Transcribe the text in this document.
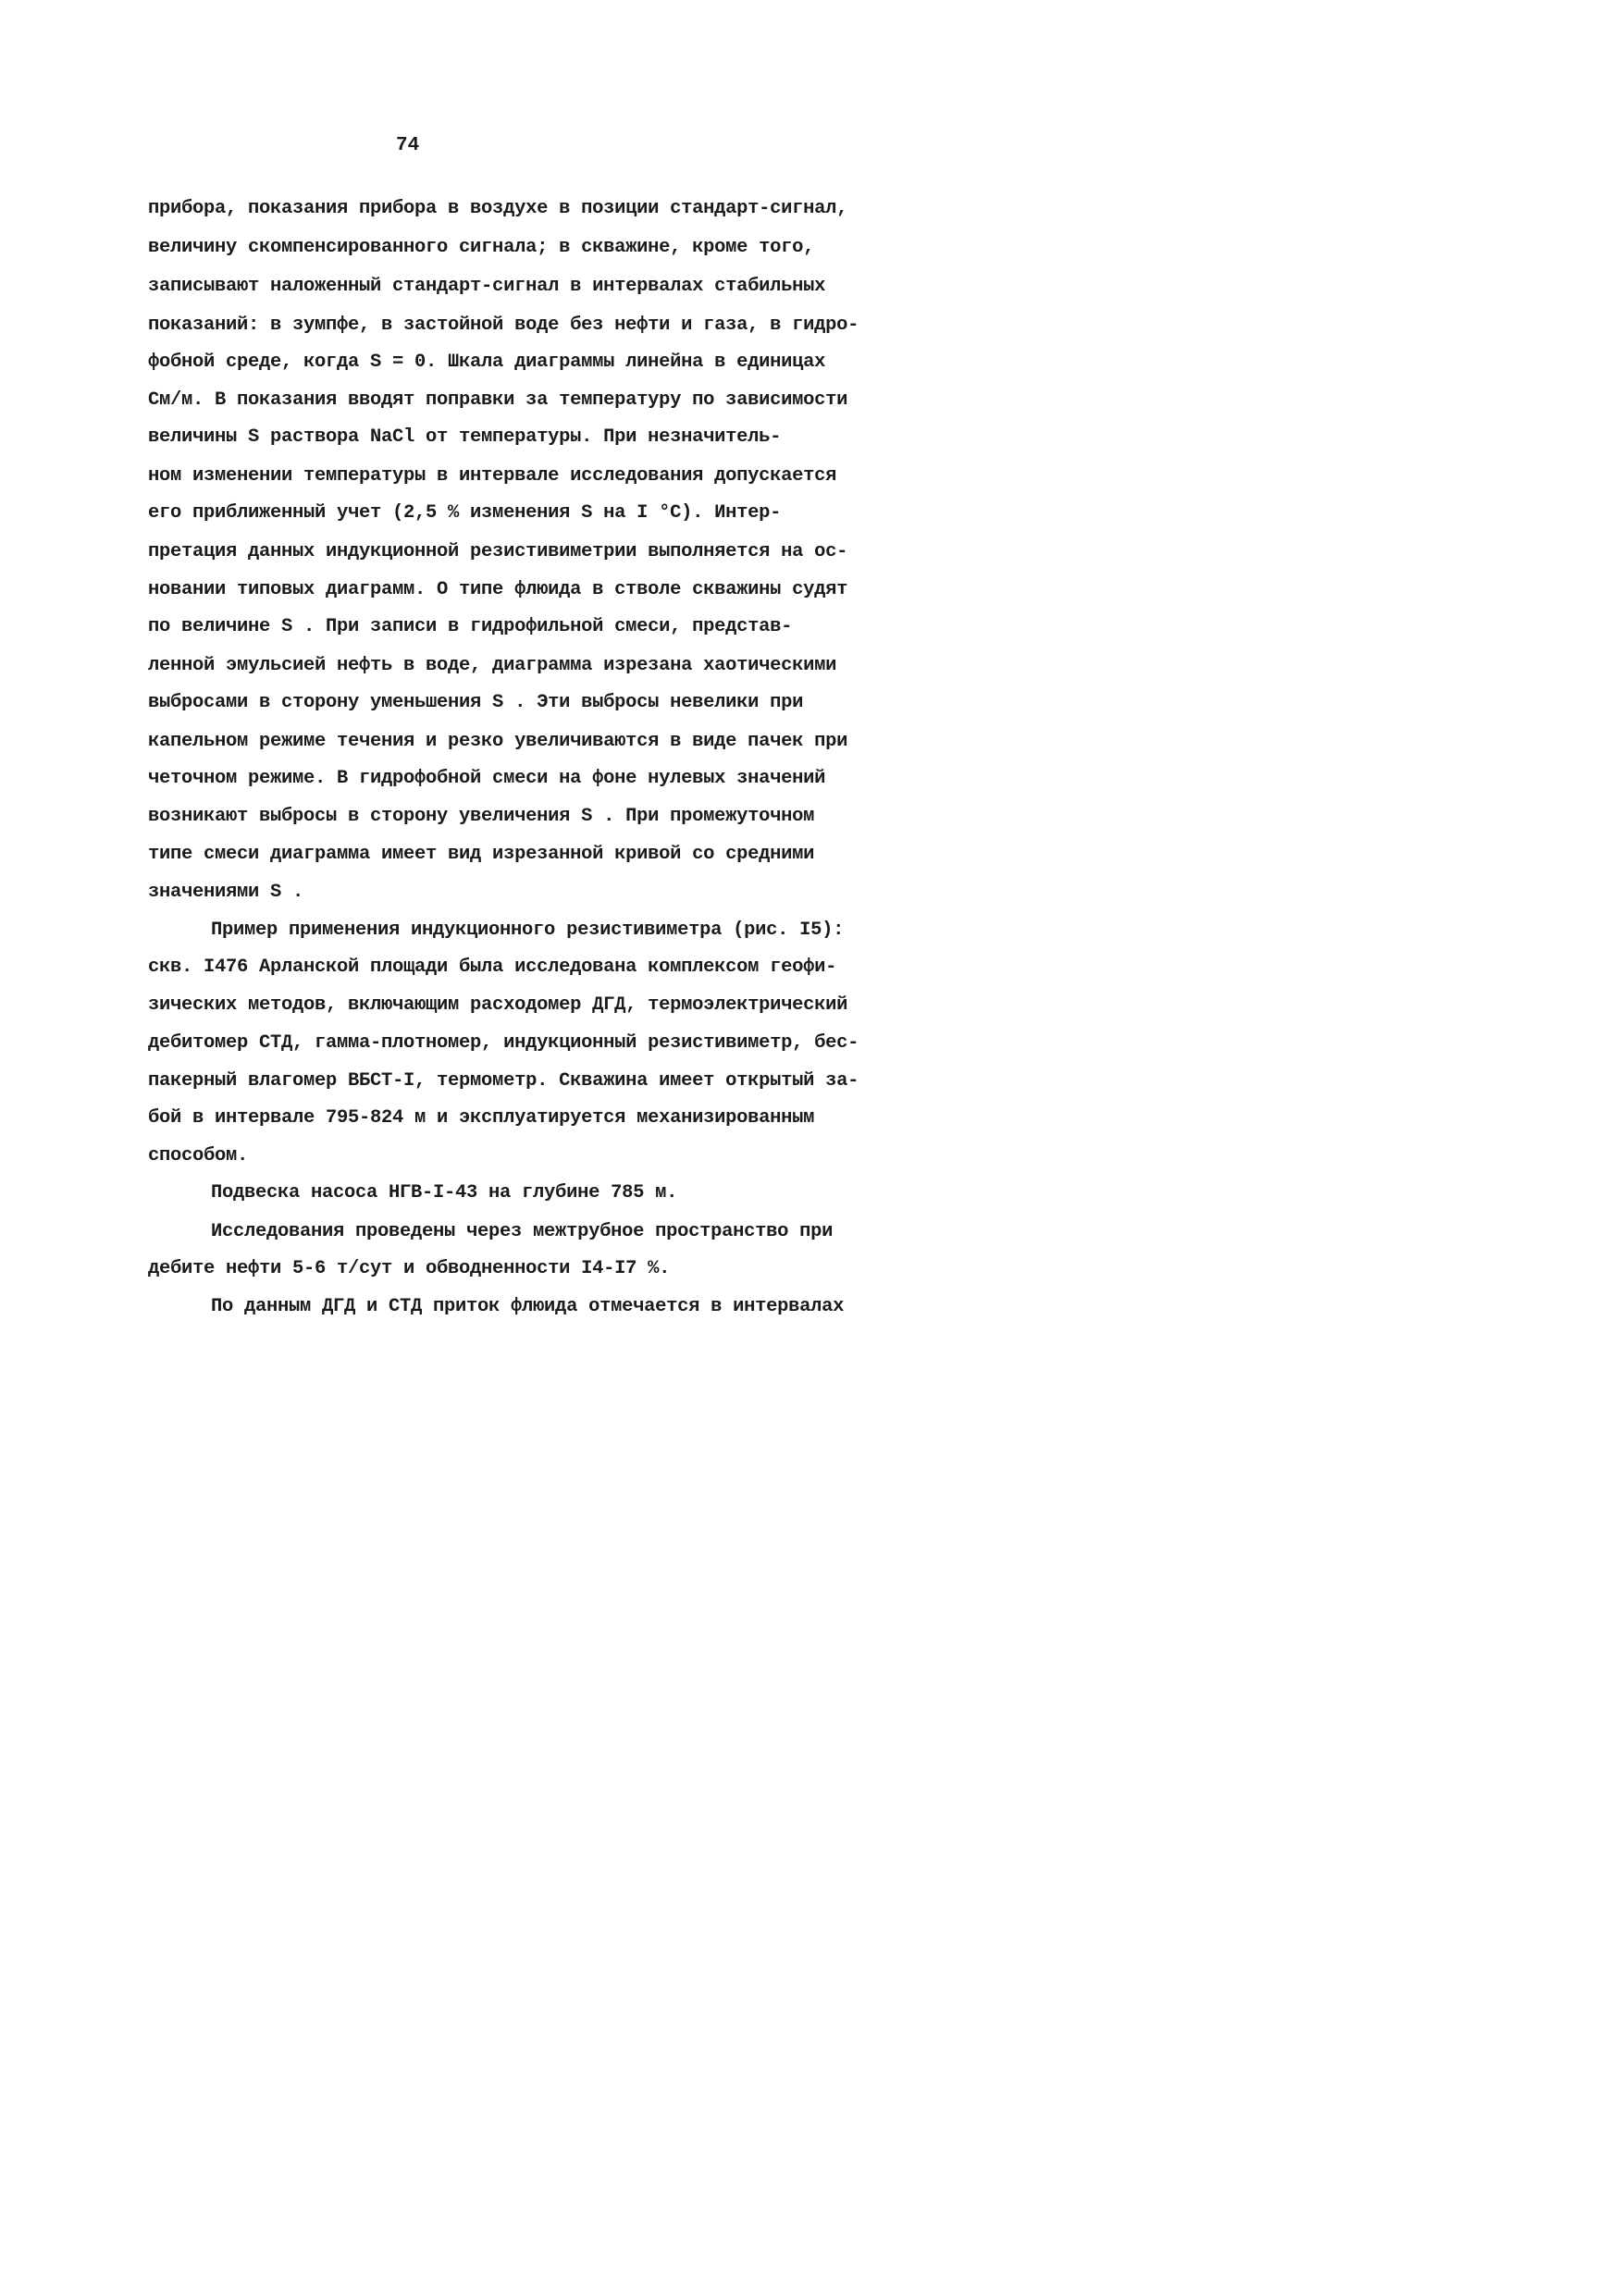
74
прибора, показания прибора в воздухе в позиции стандарт-сигнал,
величину скомпенсированного сигнала; в скважине, кроме того,
записывают наложенный стандарт-сигнал в интервалах стабильных
показаний: в зумпфе, в застойной воде без нефти и газа, в гидро-
фобной среде, когда S = 0. Шкала диаграммы линейна в единицах
См/м. В показания вводят поправки за температуру по зависимости
величины S раствора NaCl от температуры. При незначитель-
ном изменении температуры в интервале исследования допускается
его приближенный учет (2,5 % изменения S на I °С). Интер-
претация данных индукционной резистивиметрии выполняется на ос-
новании типовых диаграмм. О типе флюида в стволе скважины судят
по величине S . При записи в гидрофильной смеси, представ-
ленной эмульсией нефть в воде, диаграмма изрезана хаотическими
выбросами в сторону уменьшения S . Эти выбросы невелики при
капельном режиме течения и резко увеличиваются в виде пачек при
четочном режиме. В гидрофобной смеси на фоне нулевых значений
возникают выбросы в сторону увеличения S . При промежуточном
типе смеси диаграмма имеет вид изрезанной кривой со средними
значениями S .
Пример применения индукционного резистивиметра (рис. I5):
скв. I476 Арланской площади была исследована комплексом геофи-
зических методов, включающим расходомер ДГД, термоэлектрический
дебитомер СТД, гамма-плотномер, индукционный резистивиметр, бес-
пакерный влагомер ВБСТ-I, термометр. Скважина имеет открытый за-
бой в интервале 795-824 м и эксплуатируется механизированным
способом.
Подвеска насоса НГВ-I-43 на глубине 785 м.
Исследования проведены через межтрубное пространство при
дебите нефти 5-6 т/сут и обводненности I4-I7 %.
По данным ДГД и СТД приток флюида отмечается в интервалах
